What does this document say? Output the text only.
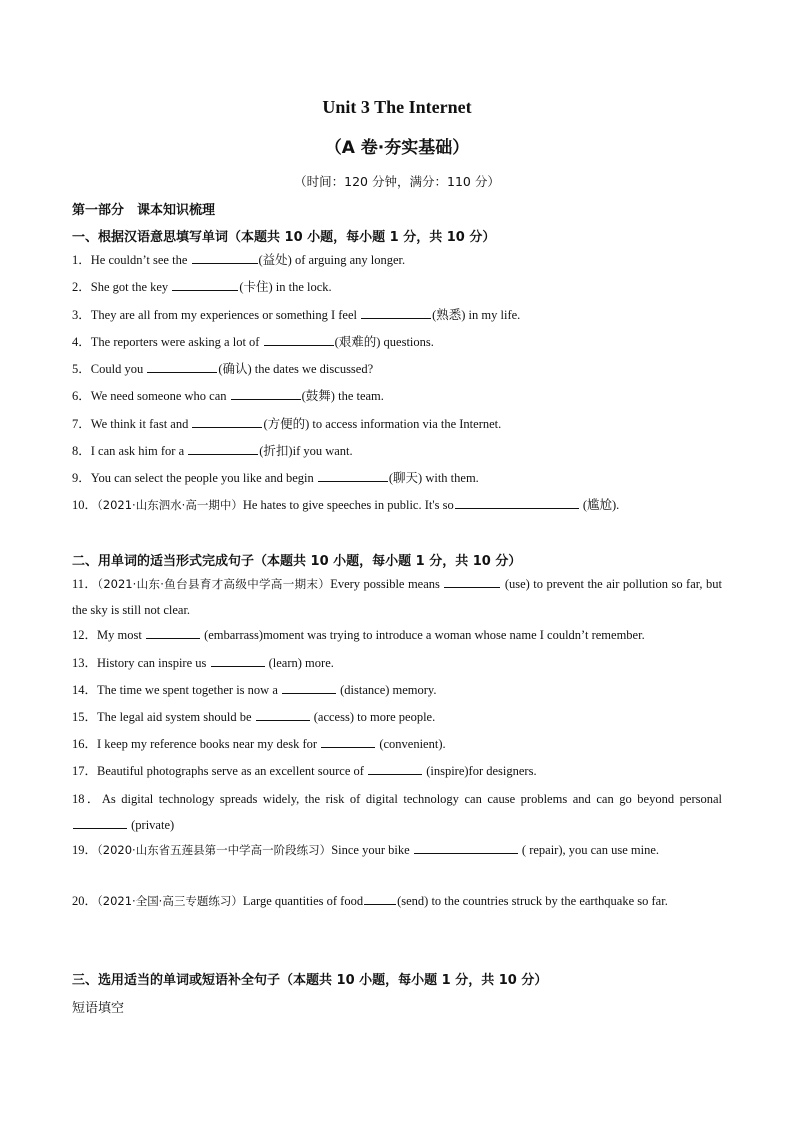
Unit 3 The Internet
（A 卷·夯实基础）
（时间：120 分钟，满分：110 分）
第一部分　课本知识梳理
一、根据汉语意思填写单词（本题共 10 小题，每小题 1 分，共 10 分）
1．He couldn’t see the	(益处) of arguing any longer.
2．She got the key	(卡住) in the lock.
3．They are all from my experiences or something I feel	(熟悉) in my life.
4．The reporters were asking a lot of	(艰难的) questions.
5．Could you	(确认) the dates we discussed?
6．We need someone who can	(鼓舞) the team.
7．We think it fast and	(方便的) to access information via the Internet.
8．I can ask him for a	(折扣)if you want.
9．You can select the people you like and begin	(聊天) with them.
10．（2021·山东泗水·高一期中）He hates to give speeches in public. It's so	(尴尬).
二、用单词的适当形式完成句子（本题共 10 小题，每小题 1 分，共 10 分）
11．（2021·山东·鱼台县育才高级中学高一期末）Every possible means	(use) to prevent the air pollution so far, but the sky is still not clear.
12．My most	(embarrass)moment was trying to introduce a woman whose name I couldn’t remember.
13．History can inspire us	(learn) more.
14．The time we spent together is now a	(distance) memory.
15．The legal aid system should be	(access) to more people.
16．I keep my reference books near my desk for	(convenient).
17．Beautiful photographs serve as an excellent source of	(inspire)for designers.
18．As digital technology spreads widely, the risk of digital technology can cause problems and can go beyond personal  (private)
19．（2020·山东省五莲县第一中学高一阶段练习）Since your bike	( repair), you can use mine.
20．（2021·全国·高三专题练习）Large quantities of food	(send) to the countries struck by the earthquake so far.
三、选用适当的单词或短语补全句子（本题共 10 小题，每小题 1 分，共 10 分）
短语填空
